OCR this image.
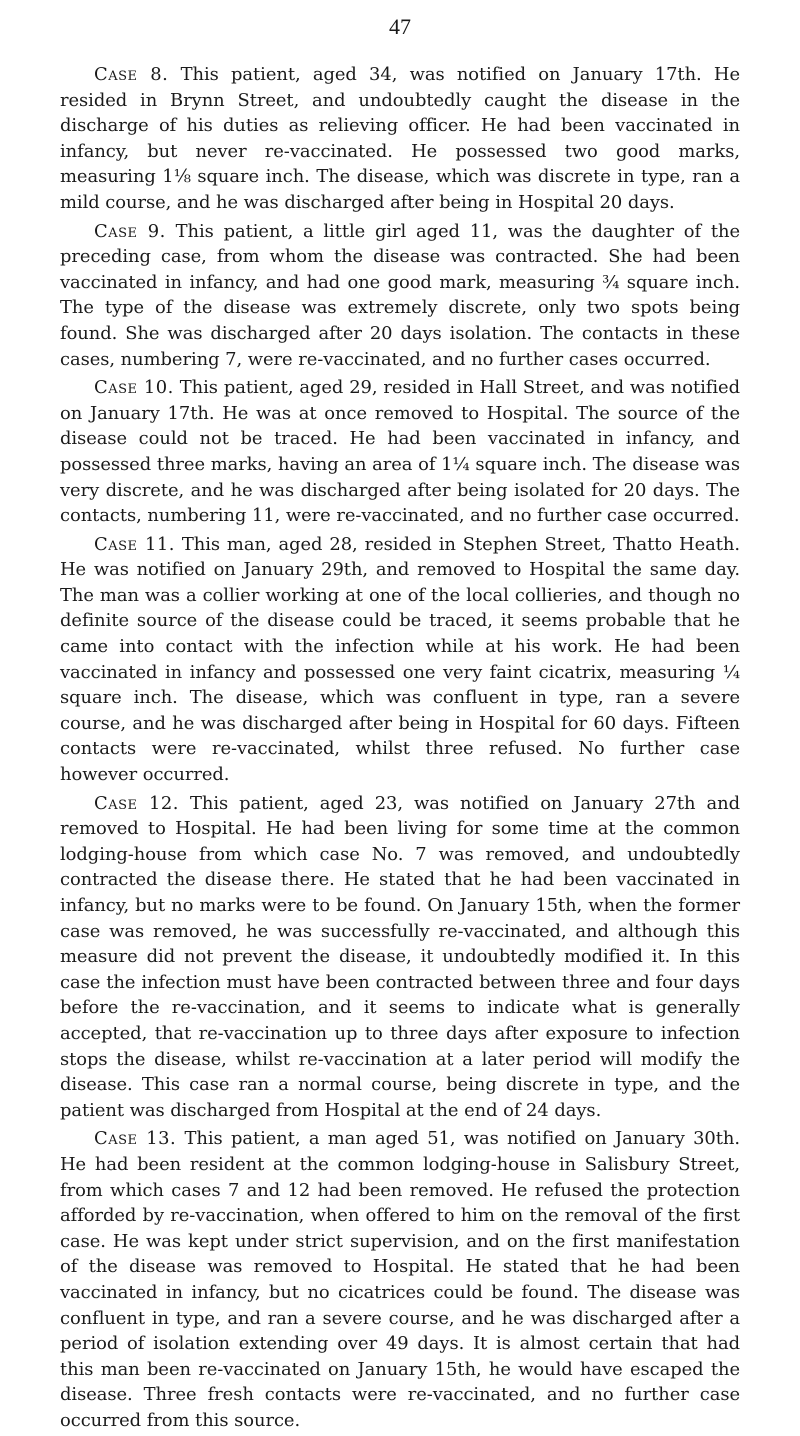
47

Case 8. This patient, aged 34, was notified on January 17th. He resided in Brynn Street, and undoubtedly caught the disease in the discharge of his duties as relieving officer. He had been vaccinated in infancy, but never re-vaccinated. He possessed two good marks, measuring 1⅛ square inch. The disease, which was discrete in type, ran a mild course, and he was discharged after being in Hospital 20 days.

Case 9. This patient, a little girl aged 11, was the daughter of the preceding case, from whom the disease was contracted. She had been vaccinated in infancy, and had one good mark, measuring ¾ square inch. The type of the disease was extremely discrete, only two spots being found. She was discharged after 20 days isolation. The contacts in these cases, numbering 7, were re-vaccinated, and no further cases occurred.

Case 10. This patient, aged 29, resided in Hall Street, and was notified on January 17th. He was at once removed to Hospital. The source of the disease could not be traced. He had been vaccinated in infancy, and possessed three marks, having an area of 1¼ square inch. The disease was very discrete, and he was discharged after being isolated for 20 days. The contacts, numbering 11, were re-vaccinated, and no further case occurred.

Case 11. This man, aged 28, resided in Stephen Street, Thatto Heath. He was notified on January 29th, and removed to Hospital the same day. The man was a collier working at one of the local collieries, and though no definite source of the disease could be traced, it seems probable that he came into contact with the infection while at his work. He had been vaccinated in infancy and possessed one very faint cicatrix, measuring ¼ square inch. The disease, which was confluent in type, ran a severe course, and he was discharged after being in Hospital for 60 days. Fifteen contacts were re-vaccinated, whilst three refused. No further case however occurred.

Case 12. This patient, aged 23, was notified on January 27th and removed to Hospital. He had been living for some time at the common lodging-house from which case No. 7 was removed, and undoubtedly contracted the disease there. He stated that he had been vaccinated in infancy, but no marks were to be found. On January 15th, when the former case was removed, he was successfully re-vaccinated, and although this measure did not prevent the disease, it undoubtedly modified it. In this case the infection must have been contracted between three and four days before the re-vaccination, and it seems to indicate what is generally accepted, that re-vaccination up to three days after exposure to infection stops the disease, whilst re-vaccination at a later period will modify the disease. This case ran a normal course, being discrete in type, and the patient was discharged from Hospital at the end of 24 days.

Case 13. This patient, a man aged 51, was notified on January 30th. He had been resident at the common lodging-house in Salisbury Street, from which cases 7 and 12 had been removed. He refused the protection afforded by re-vaccination, when offered to him on the removal of the first case. He was kept under strict supervision, and on the first manifestation of the disease was removed to Hospital. He stated that he had been vaccinated in infancy, but no cicatrices could be found. The disease was confluent in type, and ran a severe course, and he was discharged after a period of isolation extending over 49 days. It is almost certain that had this man been re-vaccinated on January 15th, he would have escaped the disease. Three fresh contacts were re-vaccinated, and no further case occurred from this source.
